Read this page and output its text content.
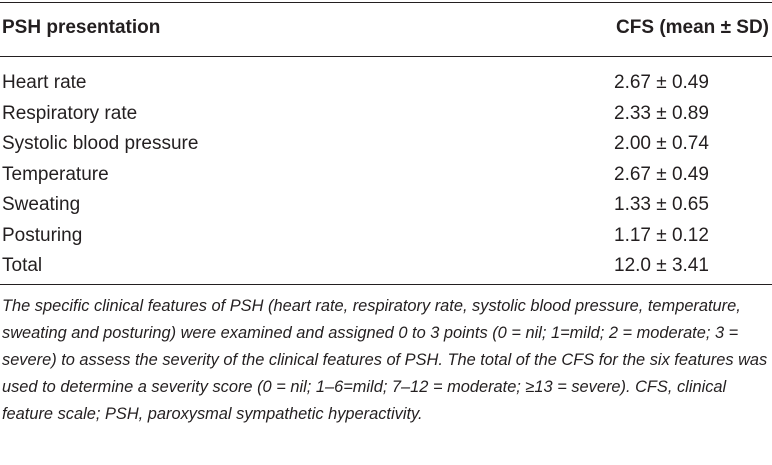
PSH presentation	CFS (mean ± SD)
Heart rate	2.67 ± 0.49
Respiratory rate	2.33 ± 0.89
Systolic blood pressure	2.00 ± 0.74
Temperature	2.67 ± 0.49
Sweating	1.33 ± 0.65
Posturing	1.17 ± 0.12
Total	12.0 ± 3.41
The specific clinical features of PSH (heart rate, respiratory rate, systolic blood pressure, temperature, sweating and posturing) were examined and assigned 0 to 3 points (0 = nil; 1=mild; 2 = moderate; 3 = severe) to assess the severity of the clinical features of PSH. The total of the CFS for the six features was used to determine a severity score (0 = nil; 1–6=mild; 7–12 = moderate; ≥13 = severe). CFS, clinical feature scale; PSH, paroxysmal sympathetic hyperactivity.
